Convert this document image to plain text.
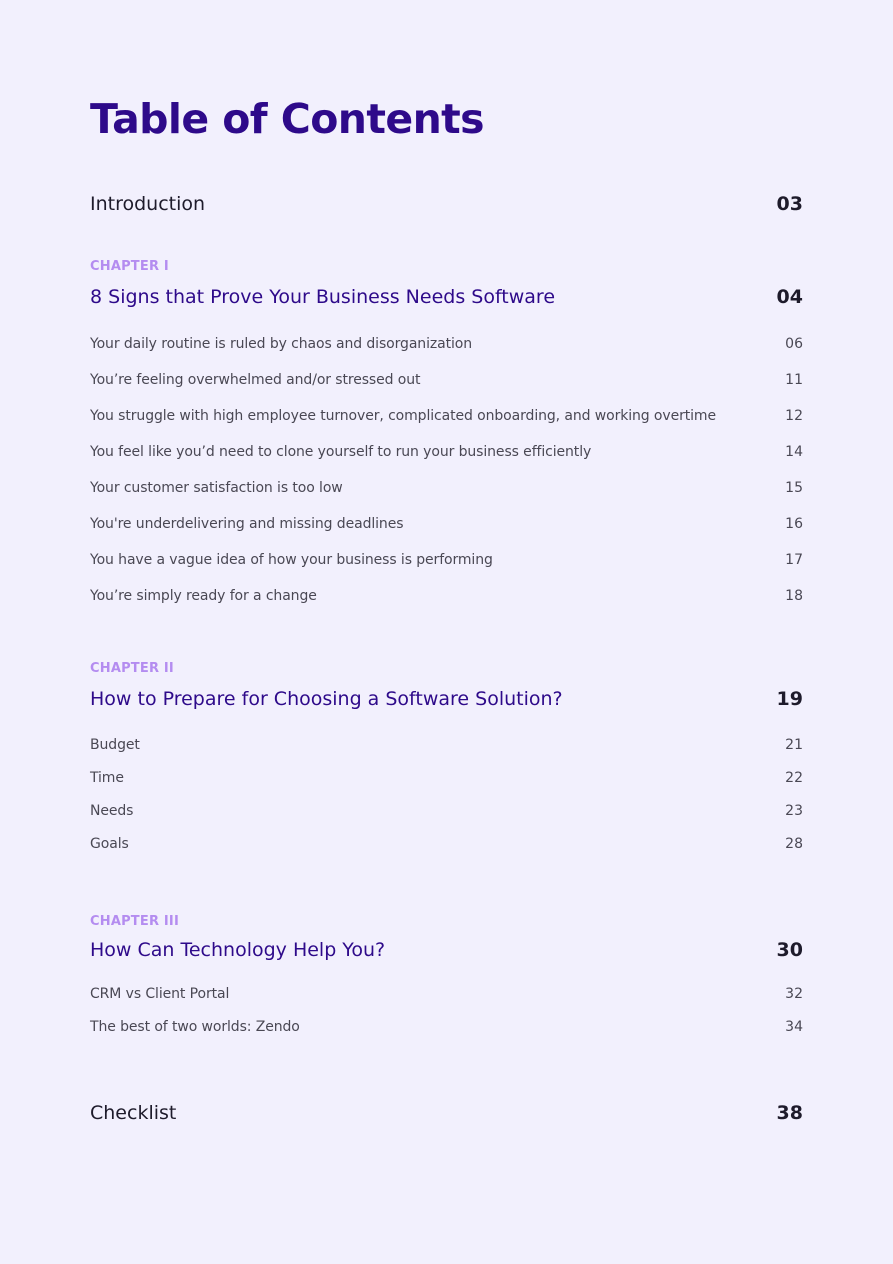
Table of Contents
Introduction	03
CHAPTER I
8 Signs that Prove Your Business Needs Software	04
Your daily routine is ruled by chaos and disorganization	06
You’re feeling overwhelmed and/or stressed out	11
You struggle with high employee turnover, complicated onboarding, and working overtime	12
You feel like you’d need to clone yourself to run your business efficiently	14
Your customer satisfaction is too low	15
You're underdelivering and missing deadlines	16
You have a vague idea of how your business is performing	17
You’re simply ready for a change	18
CHAPTER II
How to Prepare for Choosing a Software Solution?	19
Budget	21
Time	22
Needs	23
Goals	28
CHAPTER III
How Can Technology Help You?	30
CRM vs Client Portal	32
The best of two worlds: Zendo	34
Checklist	38
